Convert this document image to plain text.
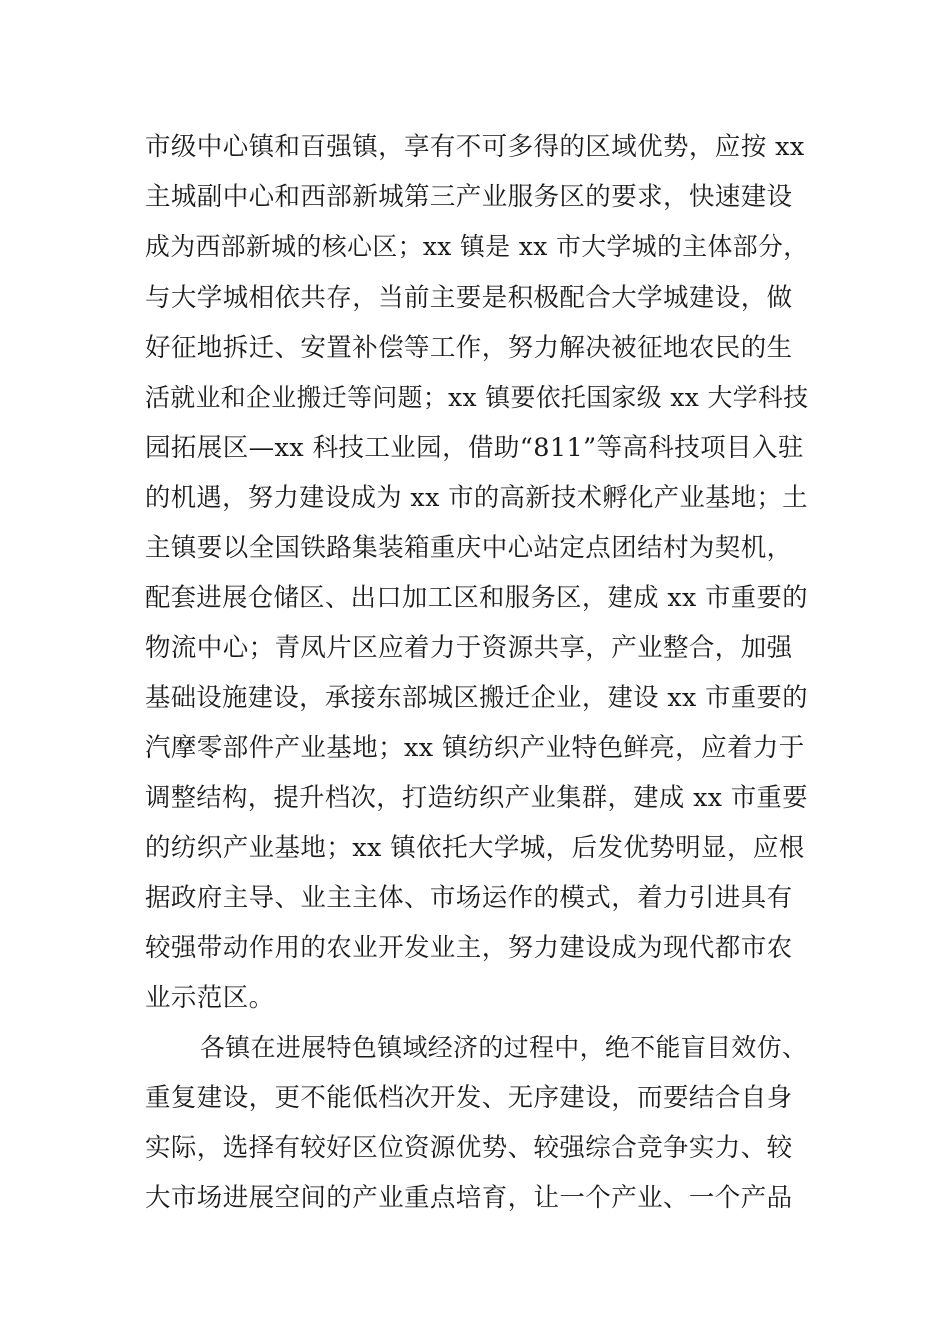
市级中心镇和百强镇，享有不可多得的区域优势，应按 xx
主城副中心和西部新城第三产业服务区的要求，快速建设
成为西部新城的核心区；xx 镇是 xx 市大学城的主体部分，
与大学城相依共存，当前主要是积极配合大学城建设，做
好征地拆迁、安置补偿等工作，努力解决被征地农民的生
活就业和企业搬迁等问题；xx 镇要依托国家级 xx 大学科技
园拓展区—xx 科技工业园，借助“811”等高科技项目入驻
的机遇，努力建设成为 xx 市的高新技术孵化产业基地；土
主镇要以全国铁路集装箱重庆中心站定点团结村为契机，
配套进展仓储区、出口加工区和服务区，建成 xx 市重要的
物流中心；青凤片区应着力于资源共享，产业整合，加强
基础设施建设，承接东部城区搬迁企业，建设 xx 市重要的
汽摩零部件产业基地；xx 镇纺织产业特色鲜亮，应着力于
调整结构，提升档次，打造纺织产业集群，建成 xx 市重要
的纺织产业基地；xx 镇依托大学城，后发优势明显，应根
据政府主导、业主主体、市场运作的模式，着力引进具有
较强带动作用的农业开发业主，努力建设成为现代都市农
业示范区。
各镇在进展特色镇域经济的过程中，绝不能盲目效仿、
重复建设，更不能低档次开发、无序建设，而要结合自身
实际，选择有较好区位资源优势、较强综合竞争实力、较
大市场进展空间的产业重点培育，让一个产业、一个产品
